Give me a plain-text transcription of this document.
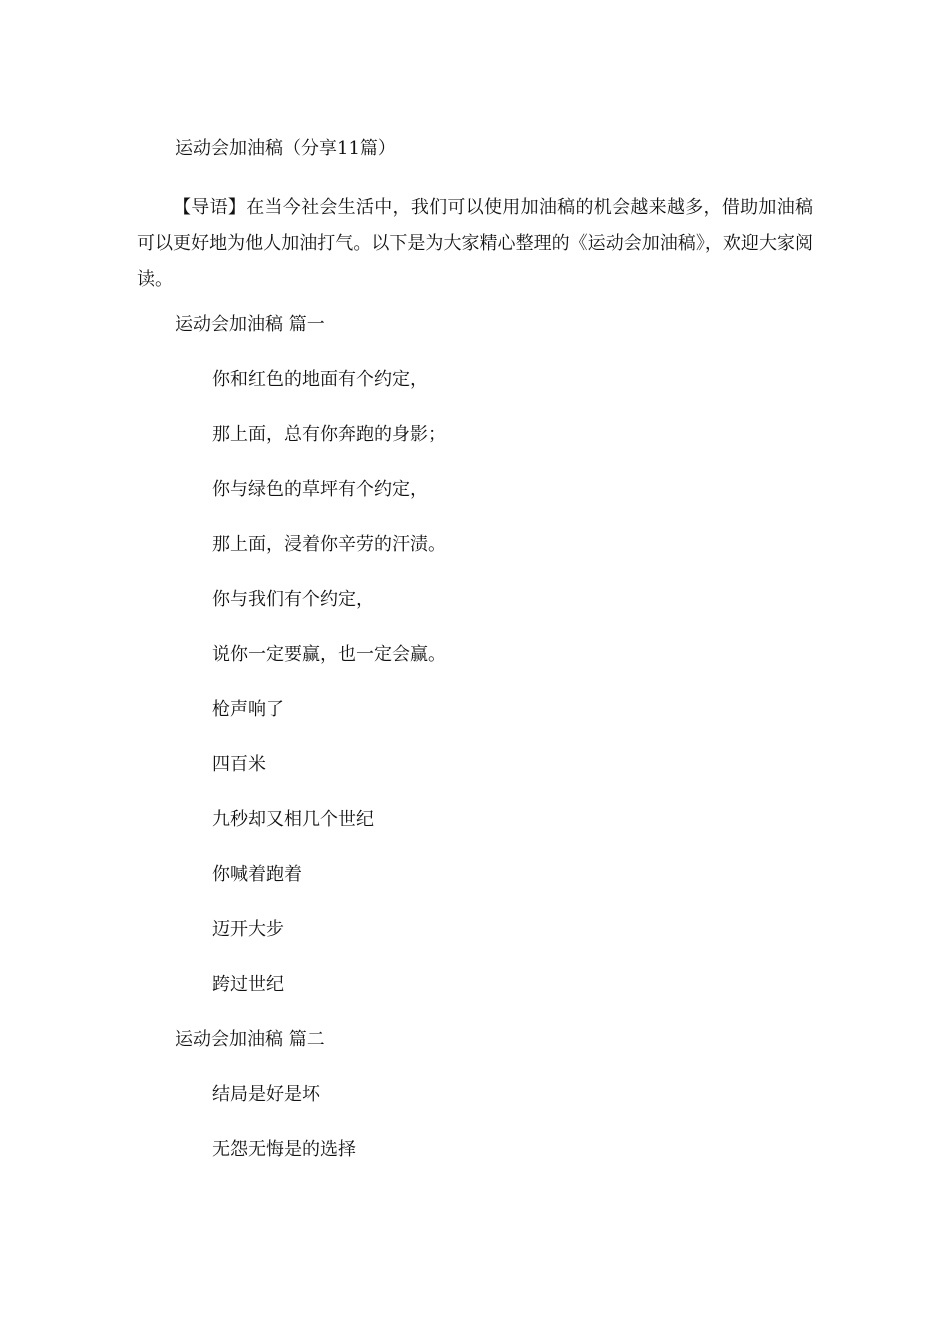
运动会加油稿（分享11篇）
【导语】在当今社会生活中，我们可以使用加油稿的机会越来越多，借助加油稿可以更好地为他人加油打气。以下是为大家精心整理的《运动会加油稿》，欢迎大家阅读。
运动会加油稿 篇一
你和红色的地面有个约定，
那上面，总有你奔跑的身影；
你与绿色的草坪有个约定，
那上面，浸着你辛劳的汗渍。
你与我们有个约定，
说你一定要赢，也一定会赢。
枪声响了
四百米
九秒却又相几个世纪
你喊着跑着
迈开大步
跨过世纪
运动会加油稿 篇二
结局是好是坏
无怨无悔是的选择
